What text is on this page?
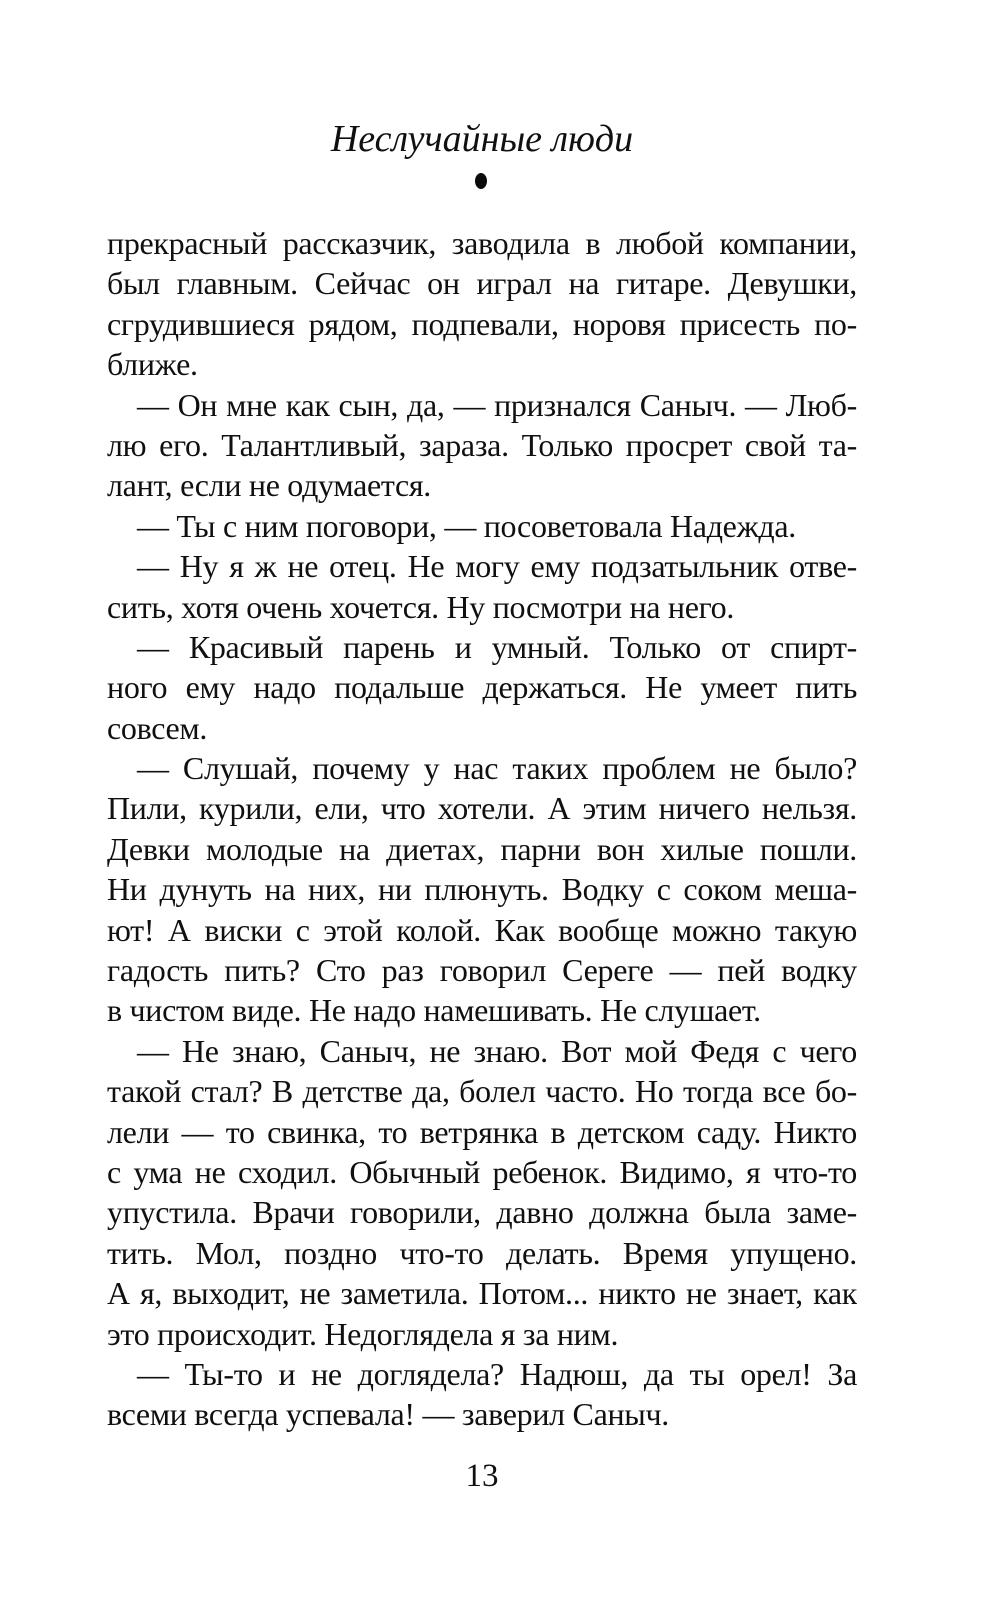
Неслучайные люди
прекрасный рассказчик, заводила в любой компании,
был главным. Сейчас он играл на гитаре. Девушки,
сгрудившиеся рядом, подпевали, норовя присесть по-
ближе.
— Он мне как сын, да, — признался Саныч. — Люб-
лю его. Талантливый, зараза. Только просрет свой та-
лант, если не одумается.
— Ты с ним поговори, — посоветовала Надежда.
— Ну я ж не отец. Не могу ему подзатыльник отве-
сить, хотя очень хочется. Ну посмотри на него.
— Красивый парень и умный. Только от спирт-
ного ему надо подальше держаться. Не умеет пить
совсем.
— Слушай, почему у нас таких проблем не было?
Пили, курили, ели, что хотели. А этим ничего нельзя.
Девки молодые на диетах, парни вон хилые пошли.
Ни дунуть на них, ни плюнуть. Водку с соком меша-
ют! А виски с этой колой. Как вообще можно такую
гадость пить? Сто раз говорил Сереге — пей водку
в чистом виде. Не надо намешивать. Не слушает.
— Не знаю, Саныч, не знаю. Вот мой Федя с чего
такой стал? В детстве да, болел часто. Но тогда все бо-
лели — то свинка, то ветрянка в детском саду. Никто
с ума не сходил. Обычный ребенок. Видимо, я что-то
упустила. Врачи говорили, давно должна была заме-
тить. Мол, поздно что-то делать. Время упущено.
А я, выходит, не заметила. Потом... никто не знает, как
это происходит. Недоглядела я за ним.
— Ты-то и не доглядела? Надюш, да ты орел! За
всеми всегда успевала! — заверил Саныч.
13
